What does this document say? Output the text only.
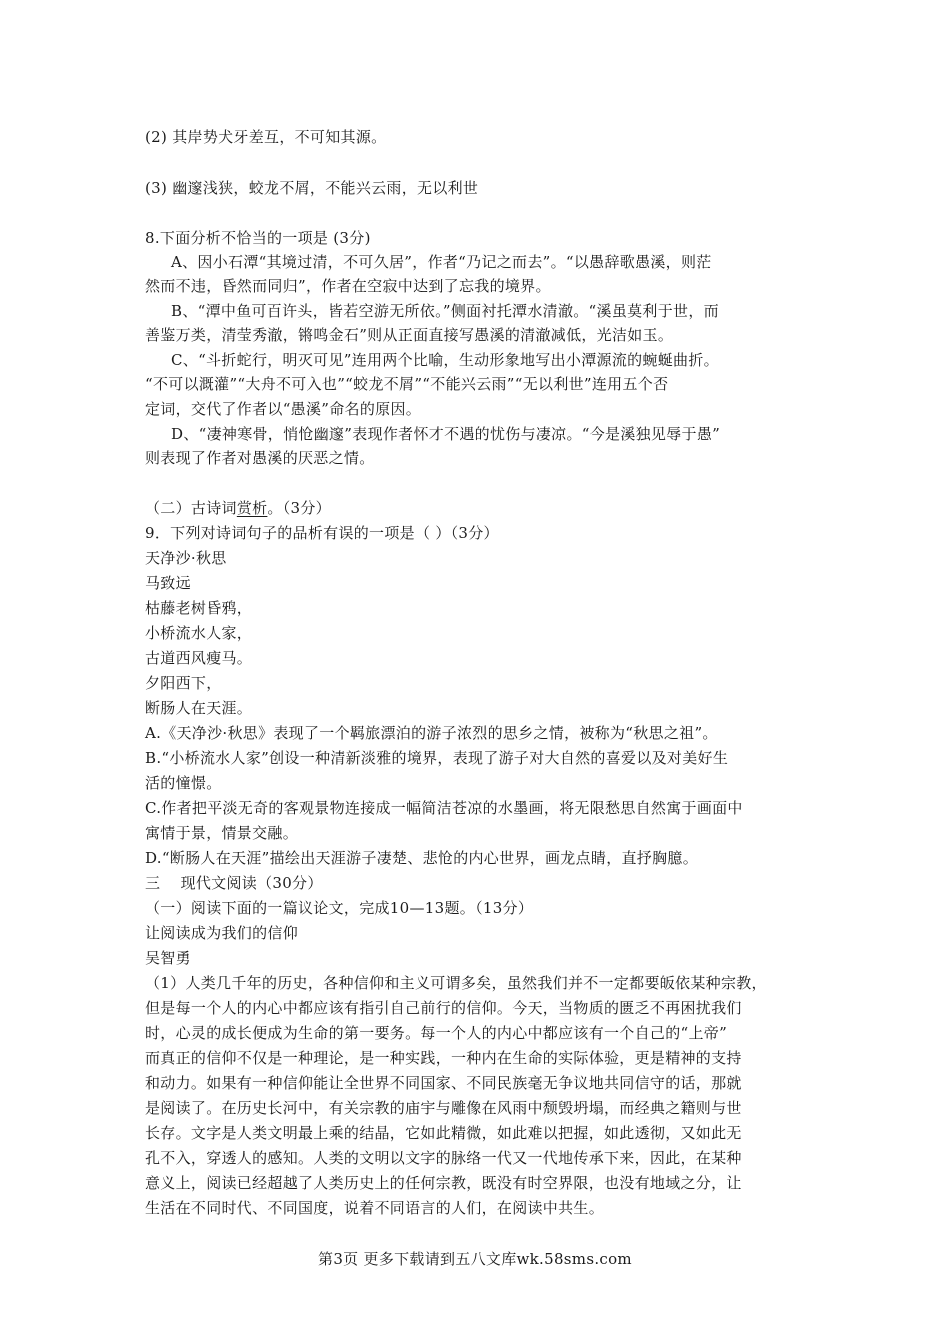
(2) 其岸势犬牙差互，不可知其源。
(3) 幽邃浅狭，蛟龙不屑，不能兴云雨，无以利世
8.下面分析不恰当的一项是 (3分)
A、因小石潭“其境过清，不可久居”，作者“乃记之而去”。“以愚辞歌愚溪，则茫
然而不违，昏然而同归”，作者在空寂中达到了忘我的境界。
B、“潭中鱼可百许头，皆若空游无所依。”侧面衬托潭水清澈。“溪虽莫利于世，而
善鉴万类，清莹秀澈，锵鸣金石”则从正面直接写愚溪的清澈减低，光洁如玉。
C、“斗折蛇行，明灭可见”连用两个比喻，生动形象地写出小潭源流的蜿蜒曲折。
“不可以溉灌”“大舟不可入也”“蛟龙不屑”“不能兴云雨”“无以利世”连用五个否
定词，交代了作者以“愚溪”命名的原因。
D、“凄神寒骨，悄怆幽邃”表现作者怀才不遇的忧伤与凄凉。“今是溪独见辱于愚”
则表现了作者对愚溪的厌恶之情。
（二）古诗词赏析。（3分）
9．下列对诗词句子的品析有误的一项是（ ）（3分）
天净沙·秋思
马致远
枯藤老树昏鸦，
小桥流水人家，
古道西风瘦马。
夕阳西下，
断肠人在天涯。
A.《天净沙·秋思》表现了一个羁旅漂泊的游子浓烈的思乡之情，被称为“秋思之祖”。
B.“小桥流水人家”创设一种清新淡雅的境界，表现了游子对大自然的喜爱以及对美好生
活的憧憬。
C.作者把平淡无奇的客观景物连接成一幅简洁苍凉的水墨画，将无限愁思自然寓于画面中
寓情于景，情景交融。
D.“断肠人在天涯”描绘出天涯游子凄楚、悲怆的内心世界，画龙点睛，直抒胸臆。
三    现代文阅读（30分）
（一）阅读下面的一篇议论文，完成10—13题。（13分）
让阅读成为我们的信仰
吴智勇
（1）人类几千年的历史，各种信仰和主义可谓多矣，虽然我们并不一定都要皈依某种宗教，
但是每一个人的内心中都应该有指引自己前行的信仰。今天，当物质的匮乏不再困扰我们
时，心灵的成长便成为生命的第一要务。每一个人的内心中都应该有一个自己的“上帝”
而真正的信仰不仅是一种理论，是一种实践，一种内在生命的实际体验，更是精神的支持
和动力。如果有一种信仰能让全世界不同国家、不同民族毫无争议地共同信守的话，那就
是阅读了。在历史长河中，有关宗教的庙宇与雕像在风雨中颓毁坍塌，而经典之籍则与世
长存。文字是人类文明最上乘的结晶，它如此精微，如此难以把握，如此透彻，又如此无
孔不入，穿透人的感知。人类的文明以文字的脉络一代又一代地传承下来，因此，在某种
意义上，阅读已经超越了人类历史上的任何宗教，既没有时空界限，也没有地域之分，让
生活在不同时代、不同国度，说着不同语言的人们，在阅读中共生。
第3页 更多下载请到五八文库wk.58sms.com
